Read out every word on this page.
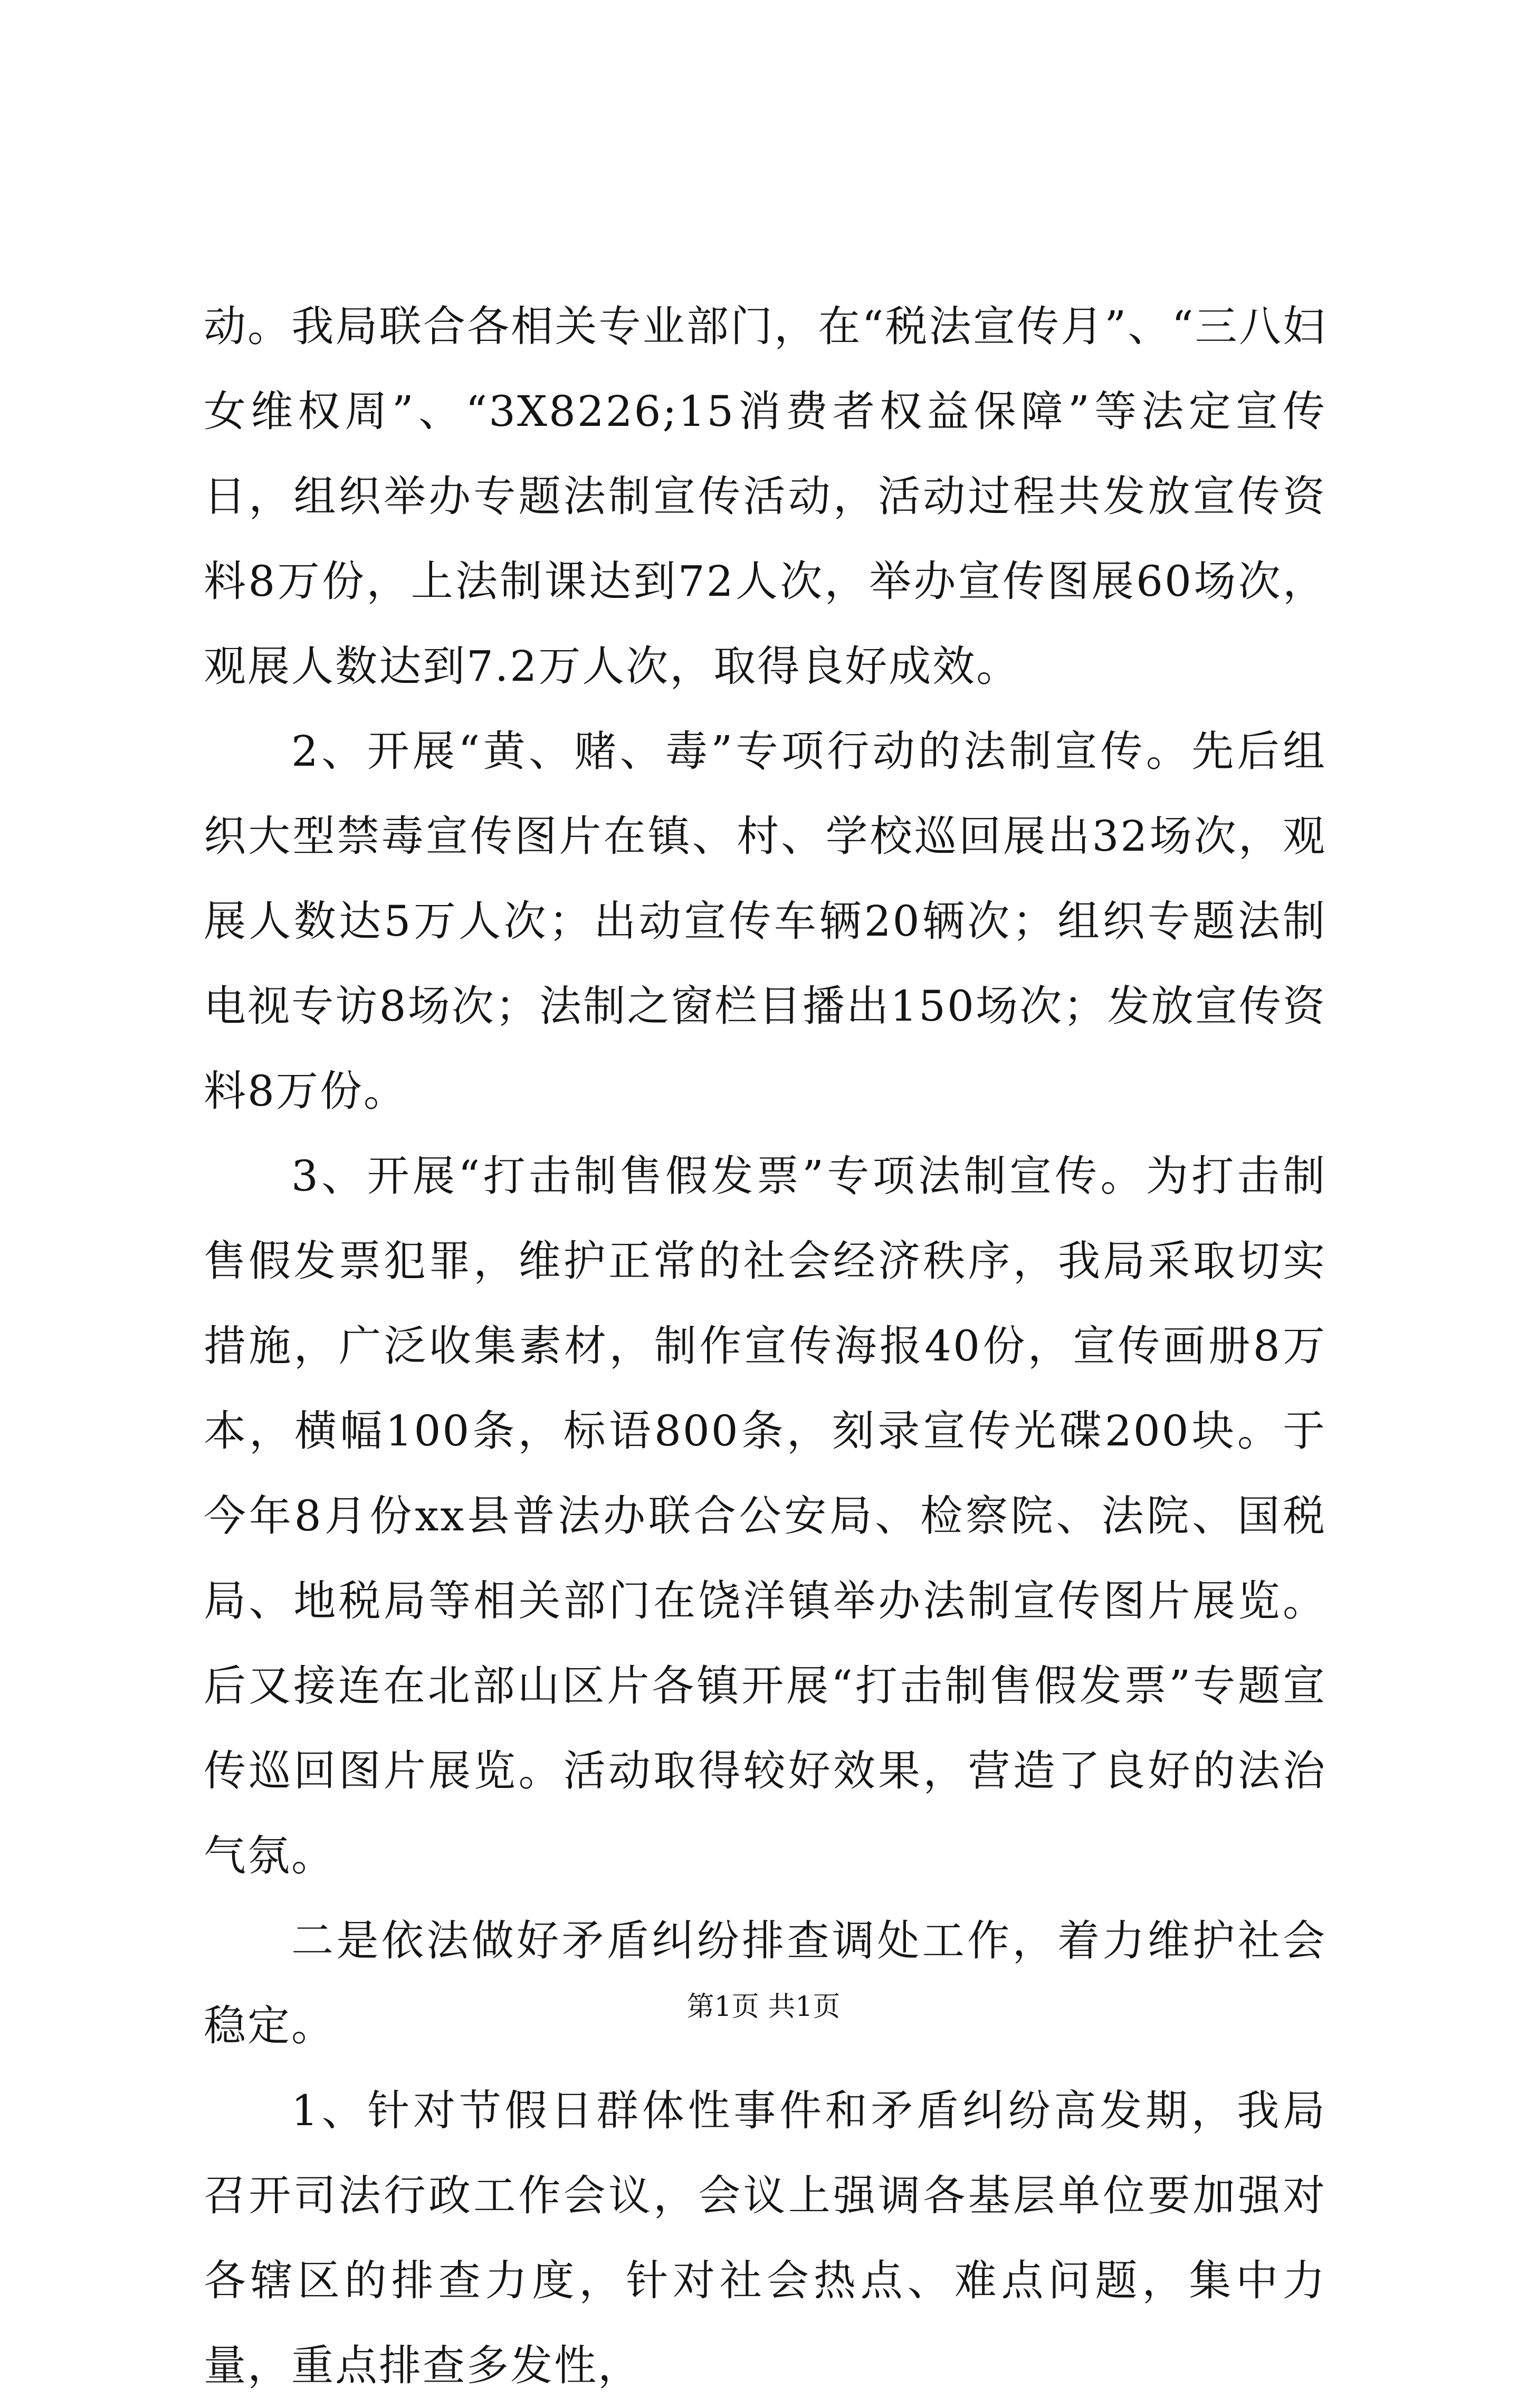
动。我局联合各相关专业部门，在“税法宣传月”、“三八妇女维权周”、“3X8226;15消费者权益保障”等法定宣传日，组织举办专题法制宣传活动，活动过程共发放宣传资料8万份，上法制课达到72人次，举办宣传图展60场次，观展人数达到7.2万人次，取得良好成效。

2、开展“黄、赌、毒”专项行动的法制宣传。先后组织大型禁毒宣传图片在镇、村、学校巡回展出32场次，观展人数达5万人次；出动宣传车辆20辆次；组织专题法制电视专访8场次；法制之窗栏目播出150场次；发放宣传资料8万份。

3、开展“打击制售假发票”专项法制宣传。为打击制售假发票犯罪，维护正常的社会经济秩序，我局采取切实措施，广泛收集素材，制作宣传海报40份，宣传画册8万本，横幅100条，标语800条，刻录宣传光碟200块。于今年8月份xx县普法办联合公安局、检察院、法院、国税局、地税局等相关部门在饶洋镇举办法制宣传图片展览。后又接连在北部山区片各镇开展“打击制售假发票”专题宣传巡回图片展览。活动取得较好效果，营造了良好的法治气氛。

二是依法做好矛盾纠纷排查调处工作，着力维护社会稳定。

1、针对节假日群体性事件和矛盾纠纷高发期，我局召开司法行政工作会议，会议上强调各基层单位要加强对各辖区的排查力度，针对社会热点、难点问题，集中力量，重点排查多发性，

第1页 共1页
